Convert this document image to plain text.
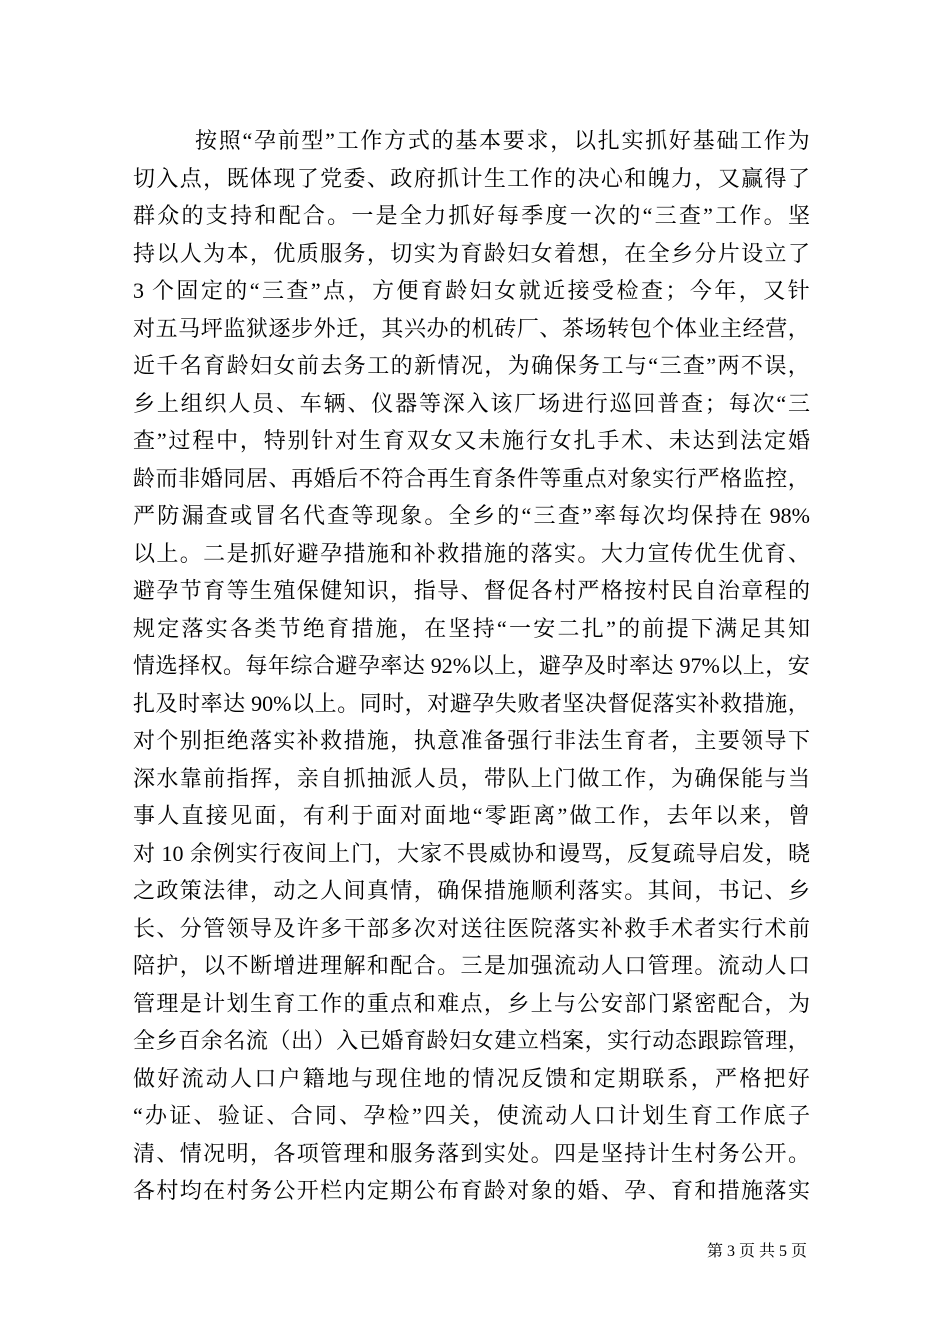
按 照 “ 孕 前 型 ” 工 作 方 式 的 基 本 要 求 ， 以 扎 实 抓 好 基 础 工 作 为
切 入 点 ， 既 体 现 了 党 委 、 政 府 抓 计 生 工 作 的 决 心 和 魄 力 ， 又 赢 得 了
群 众 的 支 持 和 配 合 。 一 是 全 力 抓 好 每 季 度 一 次 的 “ 三 查 ” 工 作 。 坚
持 以 人 为 本 ， 优 质 服 务 ， 切 实 为 育 龄 妇 女 着 想 ， 在 全 乡 分 片 设 立 了
3 个 固 定 的 “ 三 查 ” 点 ， 方 便 育 龄 妇 女 就 近 接 受 检 查 ； 今 年 ， 又 针
对 五 马 坪 监 狱 逐 步 外 迁 ， 其 兴 办 的 机 砖 厂 、 茶 场 转 包 个 体 业 主 经 营 ，
近 千 名 育 龄 妇 女 前 去 务 工 的 新 情 况 ， 为 确 保 务 工 与 “ 三 查 ” 两 不 误 ，
乡 上 组 织 人 员 、 车 辆 、 仪 器 等 深 入 该 厂 场 进 行 巡 回 普 查 ； 每 次 “ 三
查 ” 过 程 中 ， 特 别 针 对 生 育 双 女 又 未 施 行 女 扎 手 术 、 未 达 到 法 定 婚
龄 而 非 婚 同 居 、 再 婚 后 不 符 合 再 生 育 条 件 等 重 点 对 象 实 行 严 格 监 控 ，
严 防 漏 查 或 冒 名 代 查 等 现 象 。 全 乡 的 “ 三 查 ” 率 每 次 均 保 持 在 98%
以 上 。 二 是 抓 好 避 孕 措 施 和 补 救 措 施 的 落 实 。 大 力 宣 传 优 生 优 育 、
避 孕 节 育 等 生 殖 保 健 知 识 ， 指 导 、 督 促 各 村 严 格 按 村 民 自 治 章 程 的
规 定 落 实 各 类 节 绝 育 措 施 ， 在 坚 持 “ 一 安 二 扎 ” 的 前 提 下 满 足 其 知
情 选 择 权 。 每 年 综 合 避 孕 率 达 92% 以 上 ， 避 孕 及 时 率 达 97% 以 上 ， 安
扎 及 时 率 达 90% 以 上 。 同 时 ， 对 避 孕 失 败 者 坚 决 督 促 落 实 补 救 措 施 ，
对 个 别 拒 绝 落 实 补 救 措 施 ， 执 意 准 备 强 行 非 法 生 育 者 ， 主 要 领 导 下
深 水 靠 前 指 挥 ， 亲 自 抓 抽 派 人 员 ， 带 队 上 门 做 工 作 ， 为 确 保 能 与 当
事 人 直 接 见 面 ， 有 利 于 面 对 面 地 “ 零 距 离 ” 做 工 作 ， 去 年 以 来 ， 曾
对 10 余 例 实 行 夜 间 上 门 ， 大 家 不 畏 威 协 和 谩 骂 ， 反 复 疏 导 启 发 ， 晓
之 政 策 法 律 ， 动 之 人 间 真 情 ， 确 保 措 施 顺 利 落 实 。 其 间 ， 书 记 、 乡
长 、 分 管 领 导 及 许 多 干 部 多 次 对 送 往 医 院 落 实 补 救 手 术 者 实 行 术 前
陪 护 ， 以 不 断 增 进 理 解 和 配 合 。 三 是 加 强 流 动 人 口 管 理 。 流 动 人 口
管 理 是 计 划 生 育 工 作 的 重 点 和 难 点 ， 乡 上 与 公 安 部 门 紧 密 配 合 ， 为
全 乡 百 余 名 流 （ 出 ） 入 已 婚 育 龄 妇 女 建 立 档 案 ， 实 行 动 态 跟 踪 管 理 ，
做 好 流 动 人 口 户 籍 地 与 现 住 地 的 情 况 反 馈 和 定 期 联 系 ， 严 格 把 好
“ 办 证 、 验 证 、 合 同 、 孕 检 ” 四 关 ， 使 流 动 人 口 计 划 生 育 工 作 底 子
清 、 情 况 明 ， 各 项 管 理 和 服 务 落 到 实 处 。 四 是 坚 持 计 生 村 务 公 开 。
各 村 均 在 村 务 公 开 栏 内 定 期 公 布 育 龄 对 象 的 婚 、 孕 、 育 和 措 施 落 实
第 3 页 共 5 页
